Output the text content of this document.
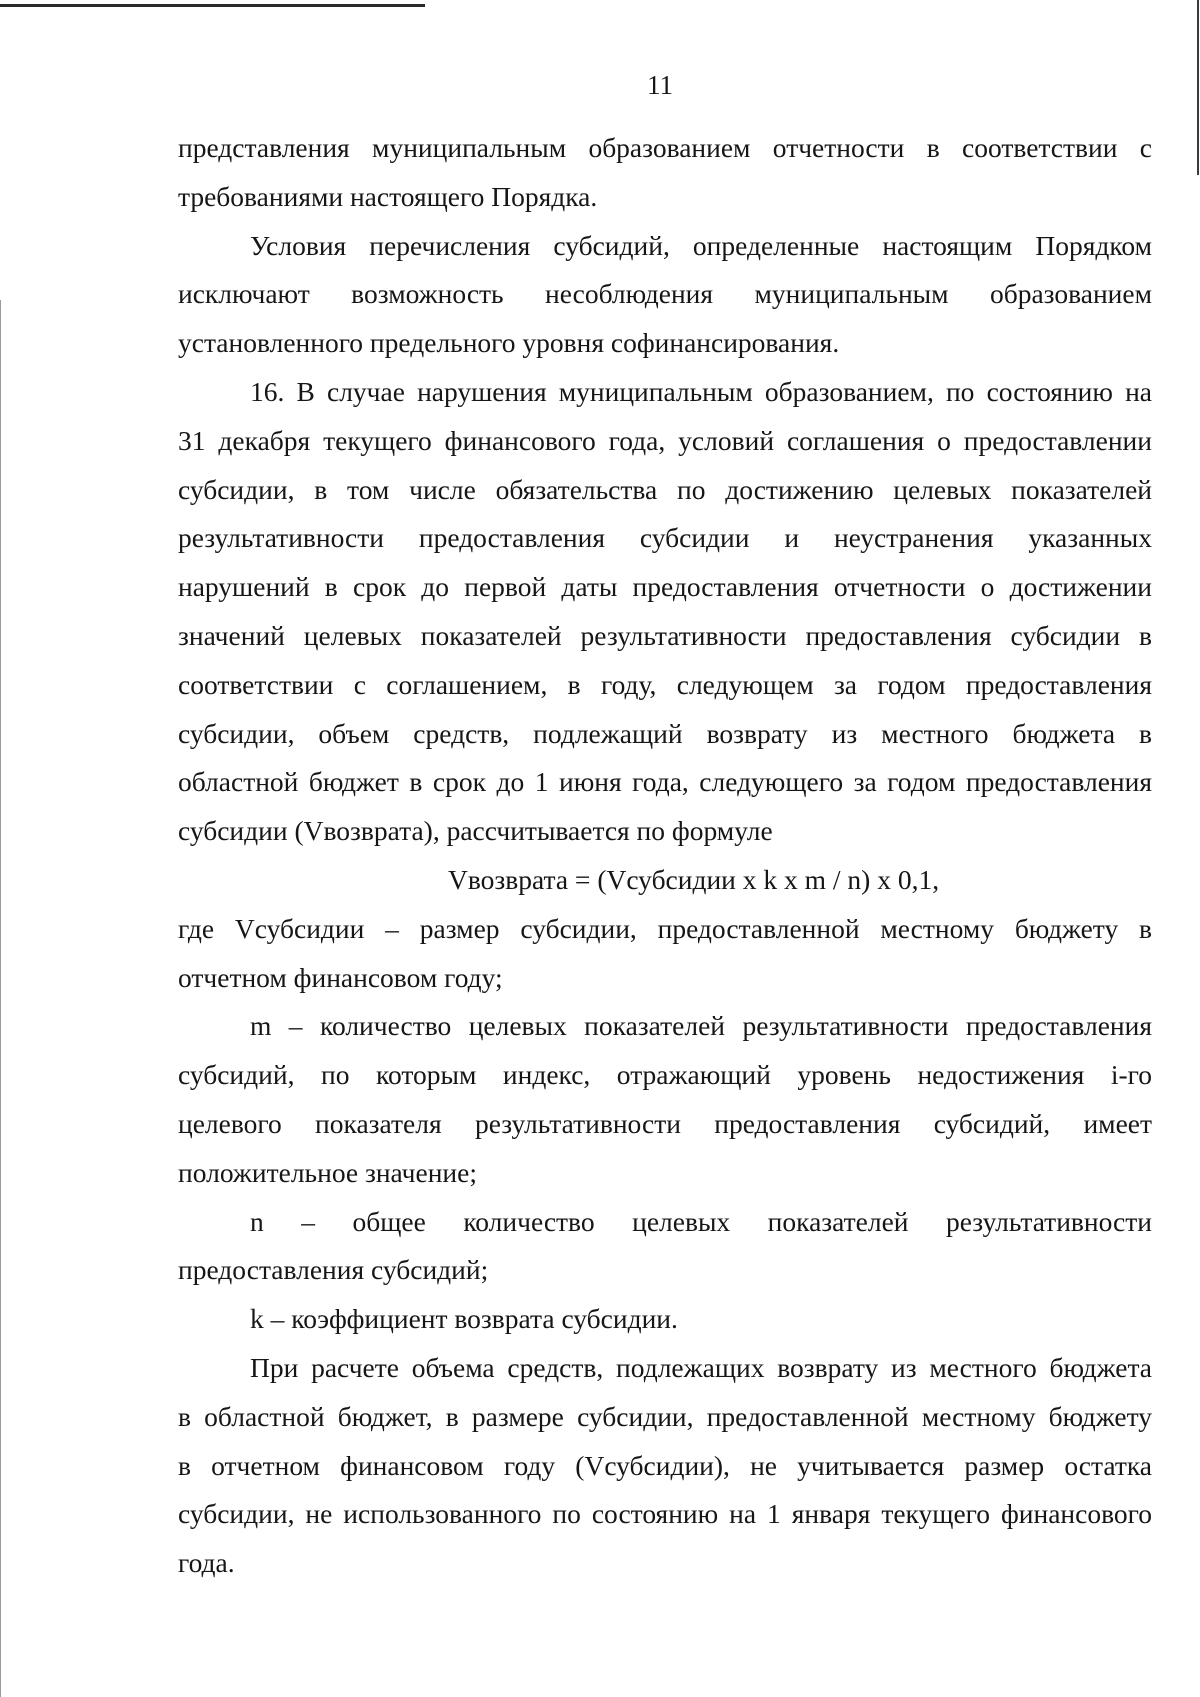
11
представления муниципальным образованием отчетности в соответствии с
требованиями настоящего Порядка.
Условия перечисления субсидий, определенные настоящим Порядком
исключают возможность несоблюдения муниципальным образованием
установленного предельного уровня софинансирования.
16. В случае нарушения муниципальным образованием, по состоянию на
31 декабря текущего финансового года, условий соглашения о предоставлении
субсидии, в том числе обязательства по достижению целевых показателей
результативности предоставления субсидии и неустранения указанных
нарушений в срок до первой даты предоставления отчетности о достижении
значений целевых показателей результативности предоставления субсидии в
соответствии с соглашением, в году, следующем за годом предоставления
субсидии, объем средств, подлежащий возврату из местного бюджета в
областной бюджет в срок до 1 июня года, следующего за годом предоставления
субсидии (Vвозврата), рассчитывается по формуле
Vвозврата = (Vсубсидии x k x m / n) x 0,1,
где Vсубсидии – размер субсидии, предоставленной местному бюджету в
отчетном финансовом году;
m – количество целевых показателей результативности предоставления
субсидий, по которым индекс, отражающий уровень недостижения i-го
целевого показателя результативности предоставления субсидий, имеет
положительное значение;
n – общее количество целевых показателей результативности
предоставления субсидий;
k – коэффициент возврата субсидии.
При расчете объема средств, подлежащих возврату из местного бюджета
в областной бюджет, в размере субсидии, предоставленной местному бюджету
в отчетном финансовом году (Vсубсидии), не учитывается размер остатка
субсидии, не использованного по состоянию на 1 января текущего финансового
года.
